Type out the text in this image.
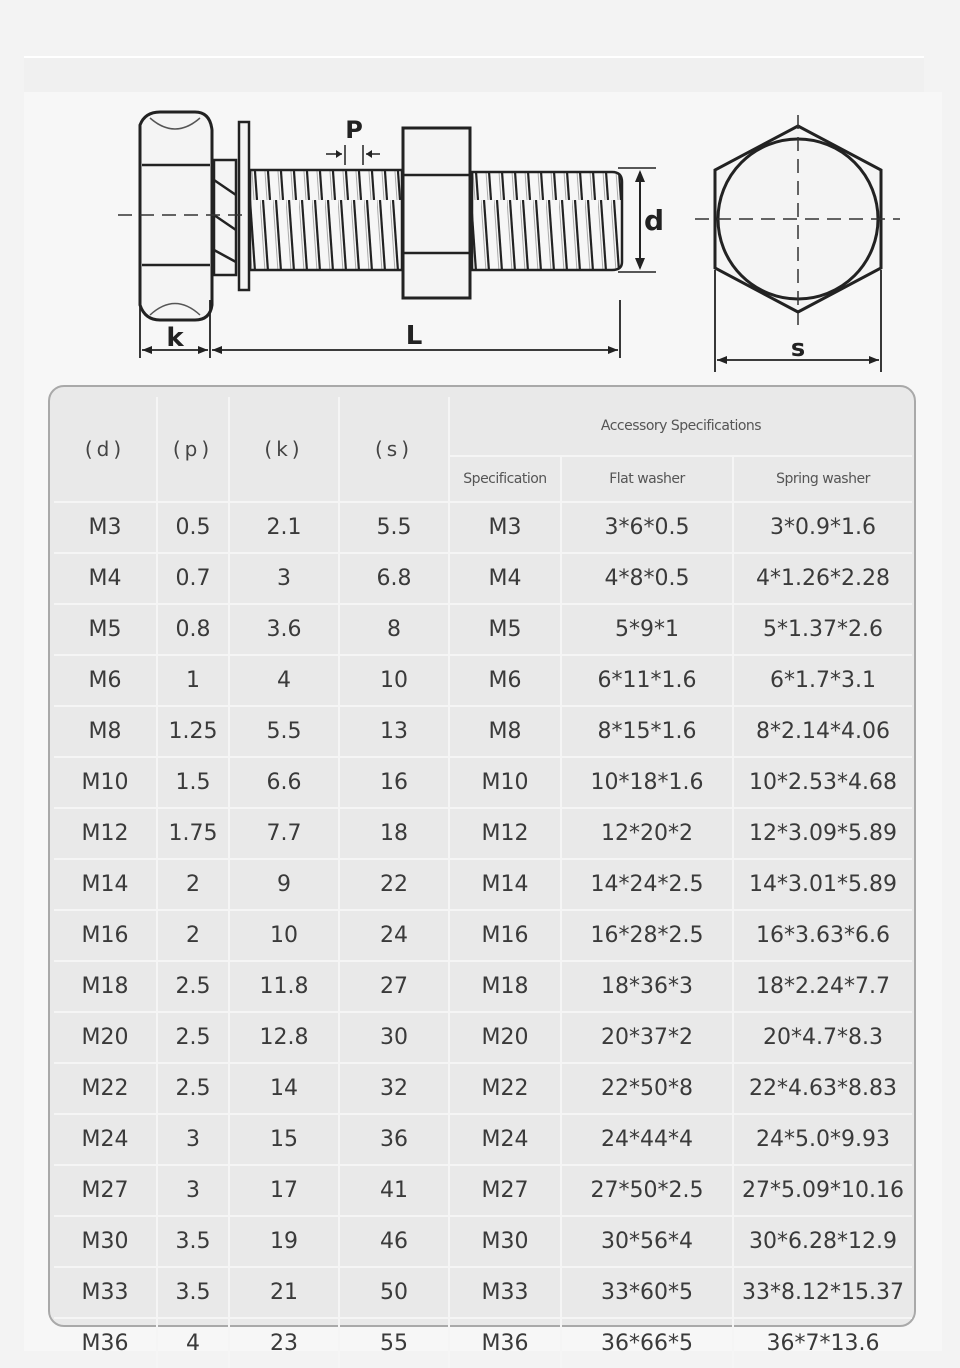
P
d
k	L	s
(d)	(p)	(k)	(s)	Accessory Specifications		
				Specification	Flat washer	Spring washer
M3	0.5	2.1	5.5	M3	3*6*0.5	3*0.9*1.6
M4	0.7	3	6.8	M4	4*8*0.5	4*1.26*2.28
M5	0.8	3.6	8	M5	5*9*1	5*1.37*2.6
M6	1	4	10	M6	6*11*1.6	6*1.7*3.1
M8	1.25	5.5	13	M8	8*15*1.6	8*2.14*4.06
M10	1.5	6.6	16	M10	10*18*1.6	10*2.53*4.68
M12	1.75	7.7	18	M12	12*20*2	12*3.09*5.89
M14	2	9	22	M14	14*24*2.5	14*3.01*5.89
M16	2	10	24	M16	16*28*2.5	16*3.63*6.6
M18	2.5	11.8	27	M18	18*36*3	18*2.24*7.7
M20	2.5	12.8	30	M20	20*37*2	20*4.7*8.3
M22	2.5	14	32	M22	22*50*8	22*4.63*8.83
M24	3	15	36	M24	24*44*4	24*5.0*9.93
M27	3	17	41	M27	27*50*2.5	27*5.09*10.16
M30	3.5	19	46	M30	30*56*4	30*6.28*12.9
M33	3.5	21	50	M33	33*60*5	33*8.12*15.37
M36	4	23	55	M36	36*66*5	36*7*13.6
